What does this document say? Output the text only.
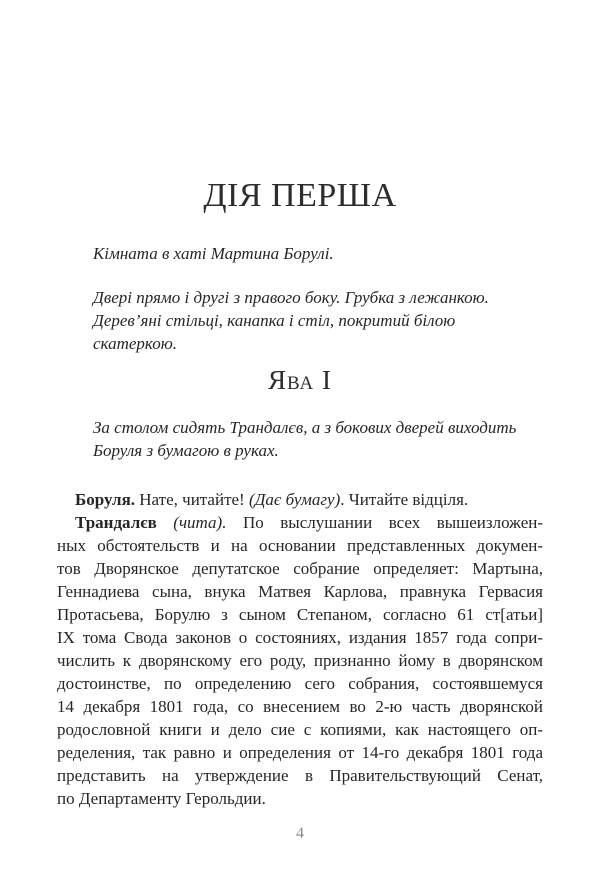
ДІЯ ПЕРША

Кімната в хаті Мартина Борулі.

Двері прямо і другі з правого боку. Грубка з лежанкою. Дерев’яні стільці, канапка і стіл, покритий білою скатеркою.

Ява I

За столом сидять Трандалєв, а з бокових дверей виходить Боруля з бумагою в руках.

Боруля. Нате, читайте! (Дає бумагу). Читайте відціля.

Трандалєв (чита). По выслушании всех вышеизложен-
ных обстоятельств и на основании представленных докумен-
тов Дворянское депутатское собрание определяет: Мартына,
Геннадиева сына, внука Матвея Карлова, правнука Гервасия
Протасьева, Борулю з сыном Степаном, согласно 61 ст[атьи]
IX тома Свода законов о состояниях, издания 1857 года сопри-
числить к дворянскому его роду, признанно йому в дворянском
достоинстве, по определению сего собрания, состоявшемуся
14 декабря 1801 года, со внесением во 2-ю часть дворянской
родословной книги и дело сие с копиями, как настоящего оп-
ределения, так равно и определения от 14-го декабря 1801 года
представить на утверждение в Правительствующий Сенат,
по Департаменту Герольдии.
4
